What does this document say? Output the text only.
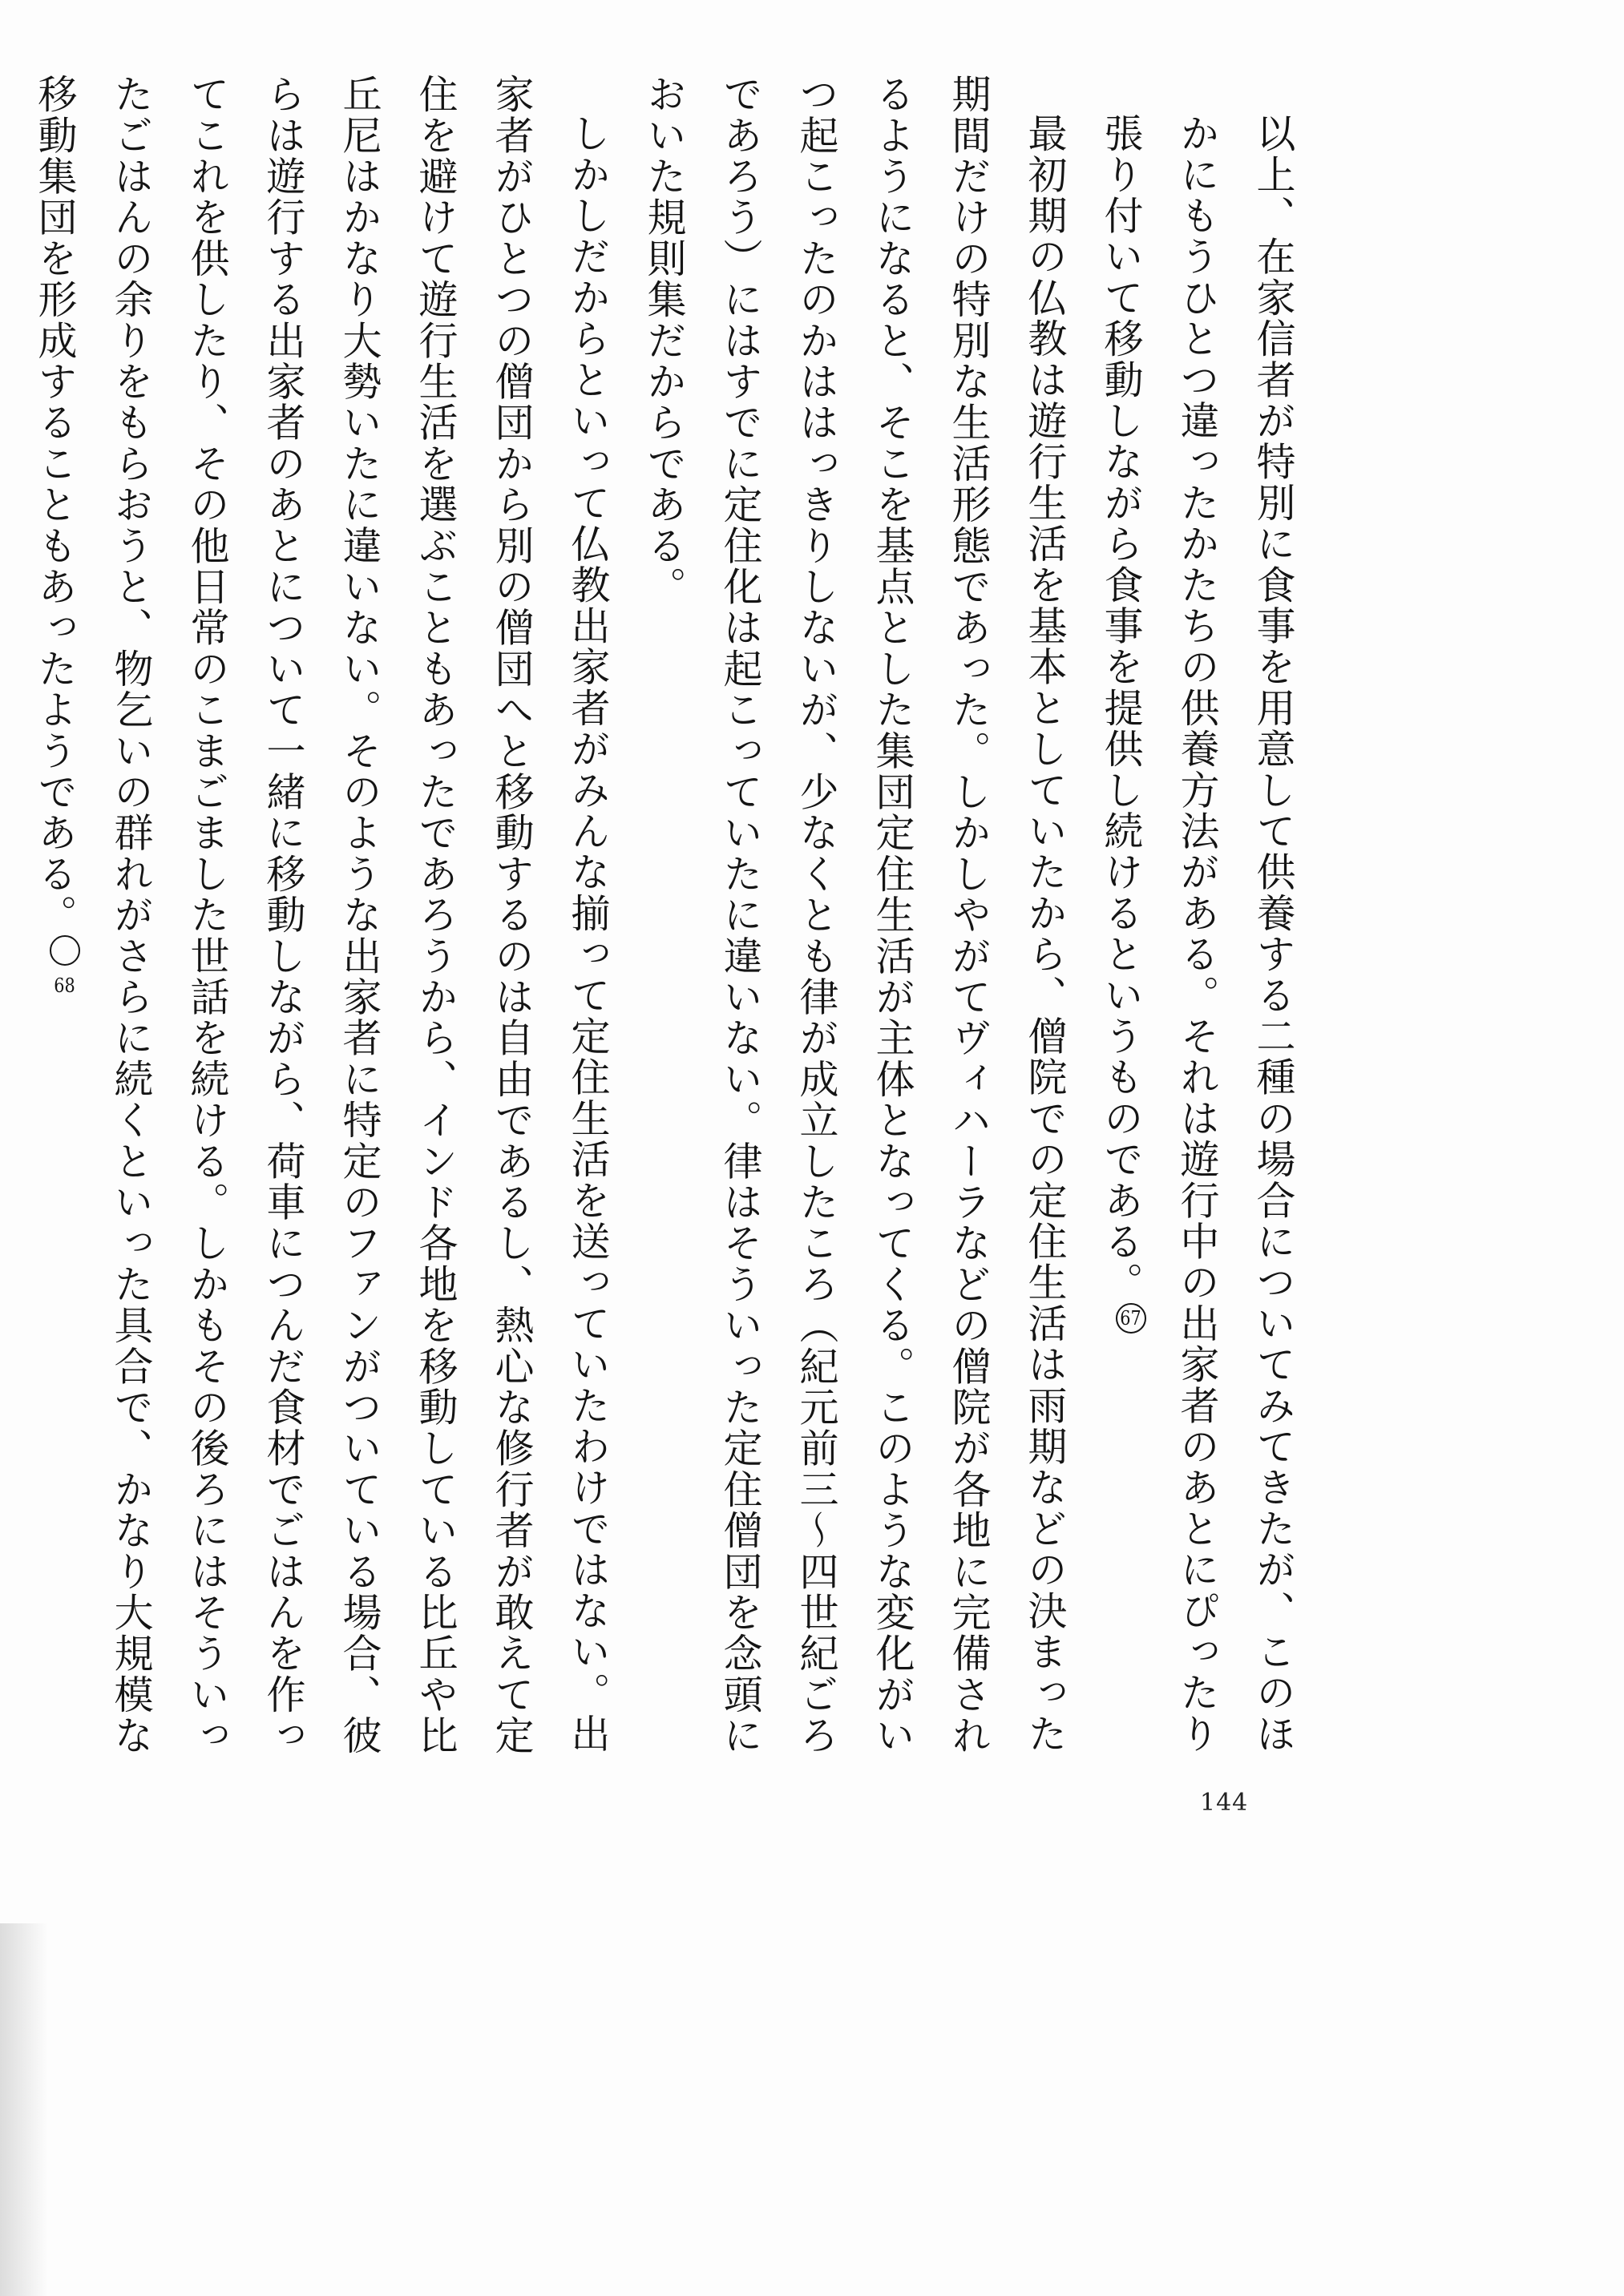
以上、在家信者が特別に食事を用意して供養する二種の場合についてみてきたが、このほかにもうひとつ違ったかたちの供養方法がある。それは遊行中の出家者のあとにぴったり張り付いて移動しながら食事を提供し続けるというものである。67

最初期の仏教は遊行生活を基本としていたから、僧院での定住生活は雨期などの決まった期間だけの特別な生活形態であった。しかしやがてヴィハーラなどの僧院が各地に完備されるようになると、そこを基点とした集団定住生活が主体となってくる。このような変化がいつ起こったのかははっきりしないが、少なくとも律が成立したころ（紀元前三〜四世紀ごろであろう）にはすでに定住化は起こっていたに違いない。律はそういった定住僧団を念頭においた規則集だからである。

しかしだからといって仏教出家者がみんな揃って定住生活を送っていたわけではない。出家者がひとつの僧団から別の僧団へと移動するのは自由であるし、熱心な修行者が敢えて定住を避けて遊行生活を選ぶこともあったであろうから、インド各地を移動している比丘や比丘尼はかなり大勢いたに違いない。そのような出家者に特定のファンがついている場合、彼らは遊行する出家者のあとについて一緒に移動しながら、荷車につんだ食材でごはんを作ってこれを供したり、その他日常のこまごました世話を続ける。しかもその後ろにはそういったごはんの余りをもらおうと、物乞いの群れがさらに続くといった具合で、かなり大規模な移動集団を形成することもあったようである。68

144
